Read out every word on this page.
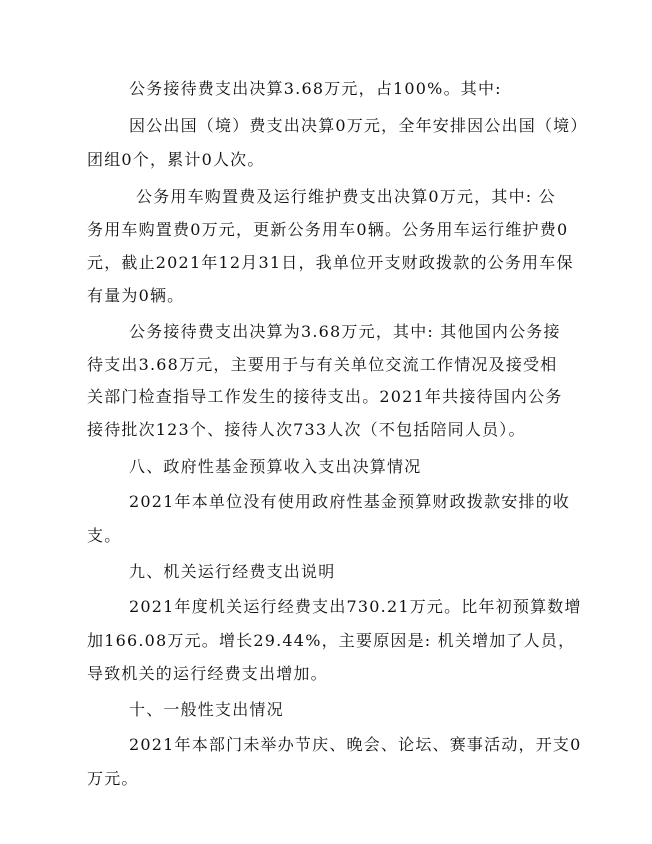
公务接待费支出决算3.68万元，占100%。其中:
因公出国（境）费支出决算0万元，全年安排因公出国（境）
团组0个，累计0人次。
公务用车购置费及运行维护费支出决算0万元，其中: 公
务用车购置费0万元，更新公务用车0辆。公务用车运行维护费0
元，截止2021年12月31日，我单位开支财政拨款的公务用车保
有量为0辆。
公务接待费支出决算为3.68万元，其中: 其他国内公务接
待支出3.68万元，主要用于与有关单位交流工作情况及接受相
关部门检查指导工作发生的接待支出。2021年共接待国内公务
接待批次123个、接待人次733人次（不包括陪同人员）。
八、政府性基金预算收入支出决算情况
2021年本单位没有使用政府性基金预算财政拨款安排的收
支。
九、机关运行经费支出说明
2021年度机关运行经费支出730.21万元。比年初预算数增
加166.08万元。增长29.44%，主要原因是: 机关增加了人员，
导致机关的运行经费支出增加。
十、一般性支出情况
2021年本部门未举办节庆、晚会、论坛、赛事活动，开支0
万元。
